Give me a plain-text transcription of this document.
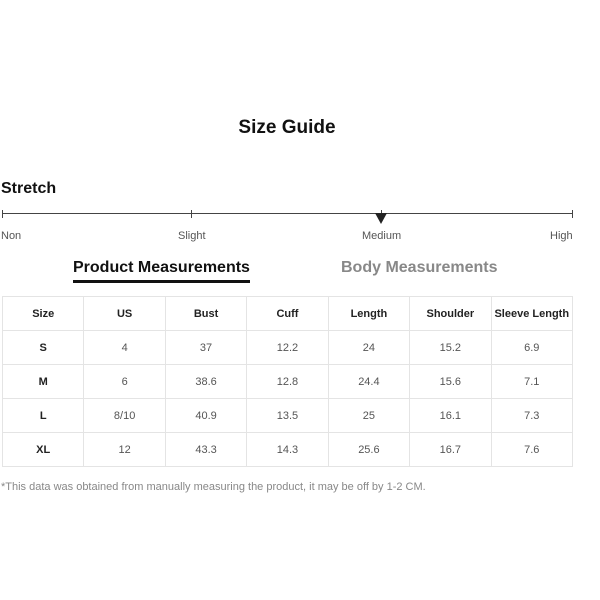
Size Guide
Stretch
Non	Slight	Medium	High
Product Measurements	Body Measurements
Size	US	Bust	Cuff	Length	Shoulder	Sleeve Length
S	4	37	12.2	24	15.2	6.9
M	6	38.6	12.8	24.4	15.6	7.1
L	8/10	40.9	13.5	25	16.1	7.3
XL	12	43.3	14.3	25.6	16.7	7.6
*This data was obtained from manually measuring the product, it may be off by 1-2 CM.
